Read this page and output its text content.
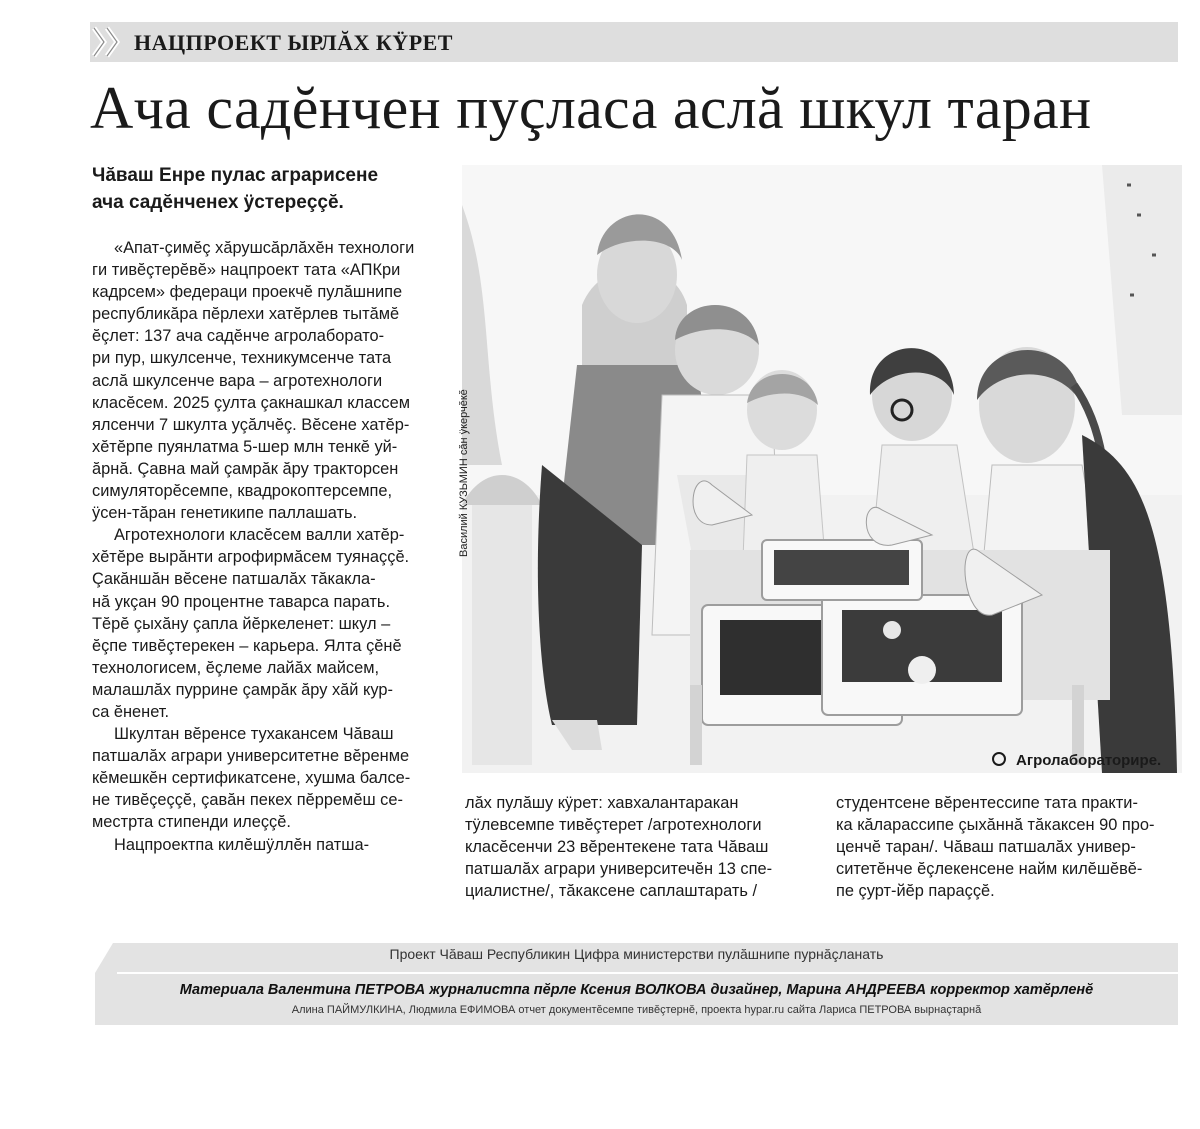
НАЦПРОЕКТ ЫРЛĂХ КŸРЕТ
Ача садĕнчен пуçласа аслă шкул таран
Чăваш Енре пулас аграрисене
ача садĕнченех ÿстерeççĕ.
«Апат-çимĕç хăрушсăрлăхĕн технологи
ги тивĕçтерĕвĕ» нацпроект тата «АПКри
кадрсем» федераци проекчĕ пулăшнипе
республикăра пĕрлехи хатĕрлев тытăмĕ
ĕçлет: 137 ача садĕнче агролаборато-
ри пур, шкулсенче, техникумсенче тата
аслă шкулсенче вара – агротехнологи
класĕсем. 2025 çулта çакнашкал классем
ялсенчи 7 шкулта уçăлчĕç. Вĕсене хатĕр-
хĕтĕрпе пуянлатма 5-шер млн тенкĕ уй-
ăрнă. Çавна май çамрăк ăру тракторсен
симуляторĕсемпе, квадрокоптерсемпе,
ÿсен-тăран генетикипе паллашать.
Агротехнологи класĕсем валли хатĕр-
хĕтĕре вырăнти агрофирмăсем туянаççĕ.
Çакăншăн вĕсене патшалăх тăкакла-
нă укçан 90 процентне таварса парать.
Тĕрĕ çыхăну çапла йĕркеленет: шкул –
ĕçпе тивĕçтерекен – карьера. Ялта çĕнĕ
технологисем, ĕçлеме лайăх майсем,
малашлăх пуррине çамрăк ăру хăй кур-
са ĕненет.
Шкултан вĕренсе тухакансем Чăваш
патшалăх аграри университетне вĕренме
кĕмешкĕн сертификатсене, хушма балсе-
не тивĕçеççĕ, çавăн пекех пĕрремĕш се-
местрта стипенди илеççĕ.
Нацпроектпа килĕшÿллĕн патша-
Василий КУЗЬМИН сăн ÿкерчĕкĕ
Агролабораторире.
лăх пулăшу кÿрет: хавхалантаракан
тÿлевсемпе тивĕçтерет /агротехнологи
класĕсенчи 23 вĕрентекене тата Чăваш
патшалăх аграри университечĕн 13 спе-
циалистне/, тăкаксене саплаштарать /
студентсене вĕрентессипе тата практи-
ка кăларассипе çыхăннă тăкаксен 90 про-
ценчĕ таран/. Чăваш патшалăх универ-
ситетĕнче ĕçлекенсене найм килĕшĕвĕ-
пе çурт-йĕр параççĕ.
Проект Чăваш Республикин Цифра министерстви пулăшнипе пурнăçланать
Материала Валентина ПЕТРОВА журналистпа пĕрле Ксения ВОЛКОВА дизайнер, Марина АНДРЕЕВА корректор хатĕрленĕ
Алина ПАЙМУЛКИНА, Людмила ЕФИМОВА отчет документĕсемпе тивĕçтернĕ, проекта hypar.ru сайта Лариса ПЕТРОВА вырнаçтарнă
